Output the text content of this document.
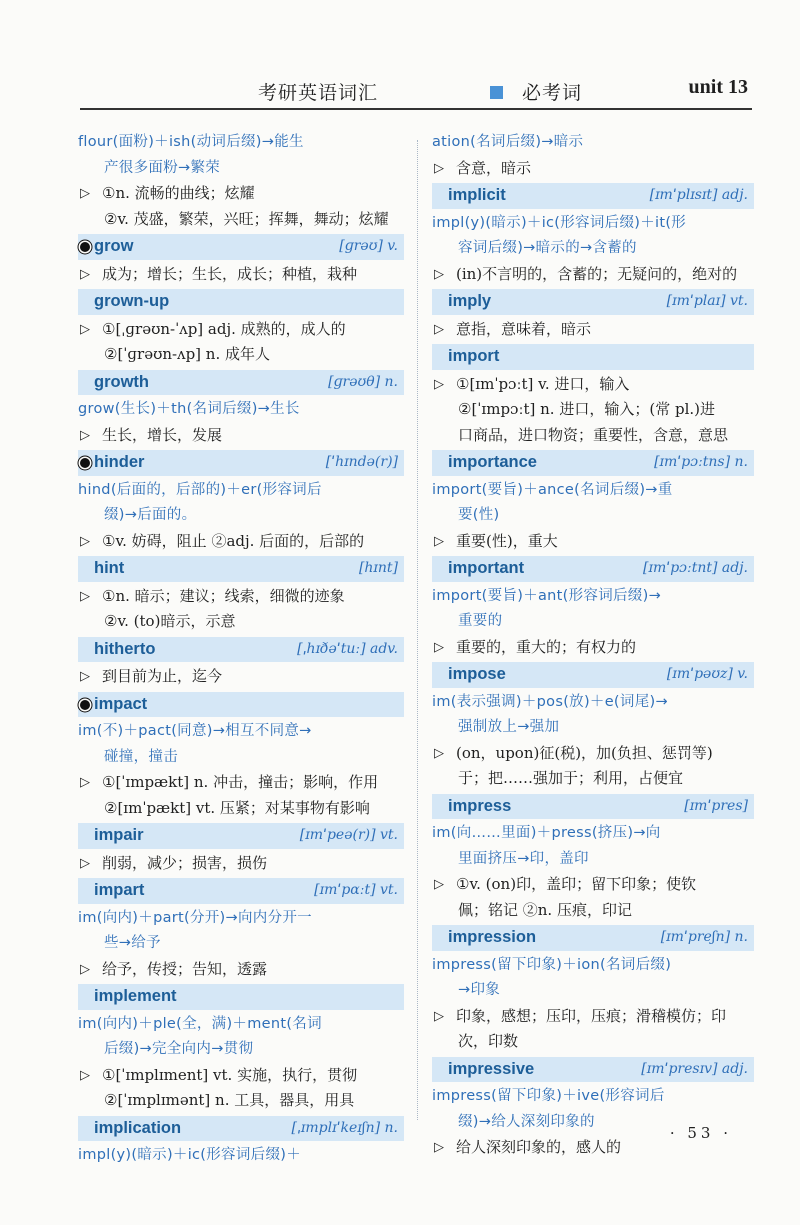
考研英语词汇	必考词	unit 13
flour(面粉)＋ish(动词后缀)→能生
产很多面粉→繁荣
▷ ①n. 流畅的曲线；炫耀
②v. 茂盛，繁荣，兴旺；挥舞，舞动；炫耀
grow	[ɡrəʊ] v.
▷ 成为；增长；生长，成长；种植，栽种
grown-up
▷ ①[ˌɡrəʊn-ˈʌp] adj. 成熟的，成人的
②[ˈɡrəʊn-ʌp] n. 成年人
growth	[ɡrəʊθ] n.
grow(生长)＋th(名词后缀)→生长
▷ 生长，增长，发展
hinder	[ˈhɪndə(r)]
hind(后面的，后部的)＋er(形容词后
缀)→后面的。
▷ ①v. 妨碍，阻止 ②adj. 后面的，后部的
hint	[hɪnt]
▷ ①n. 暗示；建议；线索，细微的迹象
②v. (to)暗示，示意
hitherto	[ˌhɪðəˈtuː] adv.
▷ 到目前为止，迄今
impact
im(不)＋pact(同意)→相互不同意→
碰撞，撞击
▷ ①[ˈɪmpækt] n. 冲击，撞击；影响，作用
②[ɪmˈpækt] vt. 压紧；对某事物有影响
impair	[ɪmˈpeə(r)] vt.
▷ 削弱，减少；损害，损伤
impart	[ɪmˈpɑːt] vt.
im(向内)＋part(分开)→向内分开一
些→给予
▷ 给予，传授；告知，透露
implement
im(向内)＋ple(全，满)＋ment(名词
后缀)→完全向内→贯彻
▷ ①[ˈɪmplɪment] vt. 实施，执行，贯彻
②[ˈɪmplɪmənt] n. 工具，器具，用具
implication	[ˌɪmplɪˈkeɪʃn] n.
impl(y)(暗示)＋ic(形容词后缀)＋
ation(名词后缀)→暗示
▷ 含意，暗示
implicit	[ɪmˈplɪsɪt] adj.
impl(y)(暗示)＋ic(形容词后缀)＋it(形
容词后缀)→暗示的→含蓄的
▷ (in)不言明的，含蓄的；无疑问的，绝对的
imply	[ɪmˈplaɪ] vt.
▷ 意指，意味着，暗示
import
▷ ①[ɪmˈpɔːt] v. 进口，输入
②[ˈɪmpɔːt] n. 进口，输入；(常 pl.)进
口商品，进口物资；重要性，含意，意思
importance	[ɪmˈpɔːtns] n.
import(要旨)＋ance(名词后缀)→重
要(性)
▷ 重要(性)，重大
important	[ɪmˈpɔːtnt] adj.
import(要旨)＋ant(形容词后缀)→
重要的
▷ 重要的，重大的；有权力的
impose	[ɪmˈpəʊz] v.
im(表示强调)＋pos(放)＋e(词尾)→
强制放上→强加
▷ (on，upon)征(税)，加(负担、惩罚等)
于；把……强加于；利用，占便宜
impress	[ɪmˈpres]
im(向……里面)＋press(挤压)→向
里面挤压→印，盖印
▷ ①v. (on)印，盖印；留下印象；使钦
佩；铭记 ②n. 压痕，印记
impression	[ɪmˈpreʃn] n.
impress(留下印象)＋ion(名词后缀)
→印象
▷ 印象，感想；压印，压痕；滑稽模仿；印
次，印数
impressive	[ɪmˈpresɪv] adj.
impress(留下印象)＋ive(形容词后
缀)→给人深刻印象的
▷ 给人深刻印象的，感人的
· 53 ·
